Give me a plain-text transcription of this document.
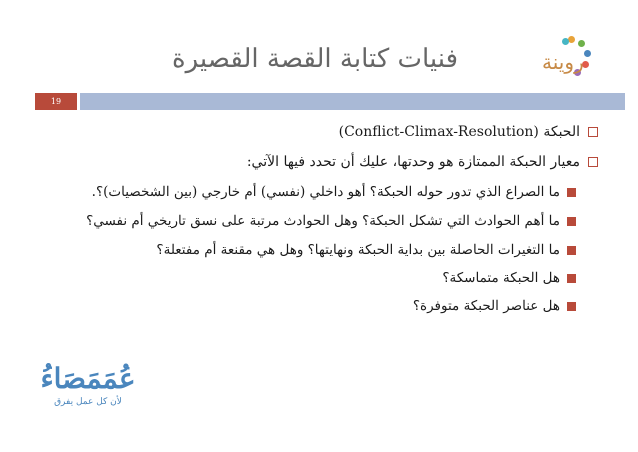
فنيات كتابة القصة القصيرة	روينة
19
الحبكة (Conflict-Climax-Resolution)
معيار الحبكة الممتازة هو وحدتها، عليك أن تحدد فيها الآتي:
ما الصراع الذي تدور حوله الحبكة؟ أهو داخلي (نفسي) أم خارجي (بين الشخصيات)؟.
ما أهم الحوادث التي تشكل الحبكة؟ وهل الحوادث مرتبة على نسق تاريخي أم نفسي؟
ما التغيرات الحاصلة بين بداية الحبكة ونهايتها؟ وهل هي مقنعة أم مفتعلة؟
هل الحبكة متماسكة؟
هل عناصر الحبكة متوفرة؟
عُمَمَصَاءُ
لأن كل عمل يفرق
